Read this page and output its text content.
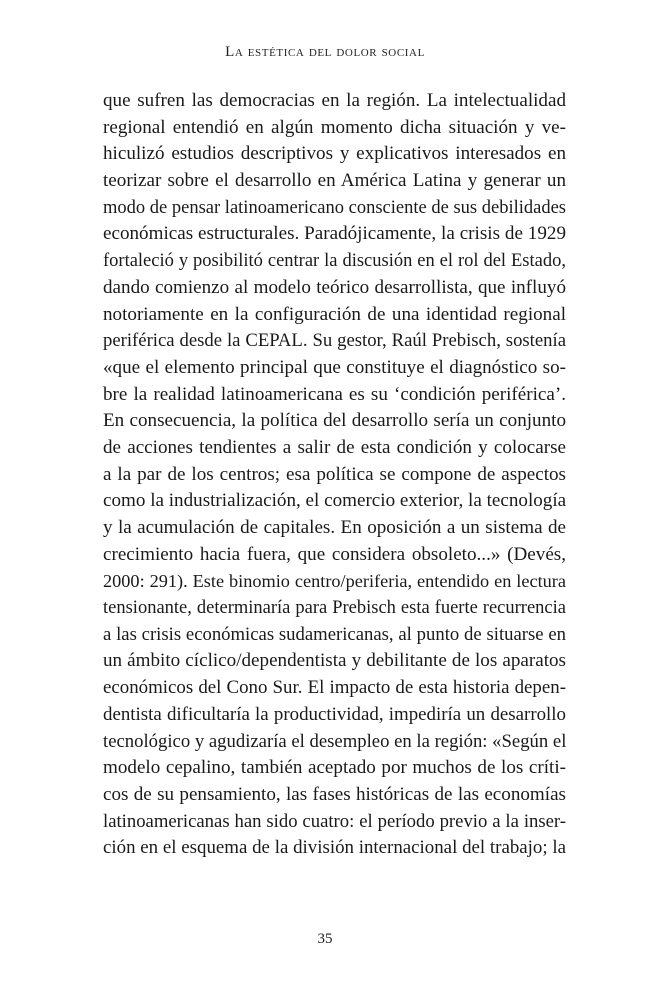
La estética del dolor social
que sufren las democracias en la región. La intelectualidad
regional entendió en algún momento dicha situación y ve-
hiculizó estudios descriptivos y explicativos interesados en
teorizar sobre el desarrollo en América Latina y generar un
modo de pensar latinoamericano consciente de sus debilidades
económicas estructurales. Paradójicamente, la crisis de 1929
fortaleció y posibilitó centrar la discusión en el rol del Estado,
dando comienzo al modelo teórico desarrollista, que influyó
notoriamente en la configuración de una identidad regional
periférica desde la CEPAL. Su gestor, Raúl Prebisch, sostenía
«que el elemento principal que constituye el diagnóstico so-
bre la realidad latinoamericana es su ‘condición periférica’.
En consecuencia, la política del desarrollo sería un conjunto
de acciones tendientes a salir de esta condición y colocarse
a la par de los centros; esa política se compone de aspectos
como la industrialización, el comercio exterior, la tecnología
y la acumulación de capitales. En oposición a un sistema de
crecimiento hacia fuera, que considera obsoleto...» (Devés,
2000: 291). Este binomio centro/periferia, entendido en lectura
tensionante, determinaría para Prebisch esta fuerte recurrencia
a las crisis económicas sudamericanas, al punto de situarse en
un ámbito cíclico/dependentista y debilitante de los aparatos
económicos del Cono Sur. El impacto de esta historia depen-
dentista dificultaría la productividad, impediría un desarrollo
tecnológico y agudizaría el desempleo en la región: «Según el
modelo cepalino, también aceptado por muchos de los críti-
cos de su pensamiento, las fases históricas de las economías
latinoamericanas han sido cuatro: el período previo a la inser-
ción en el esquema de la división internacional del trabajo; la
35
